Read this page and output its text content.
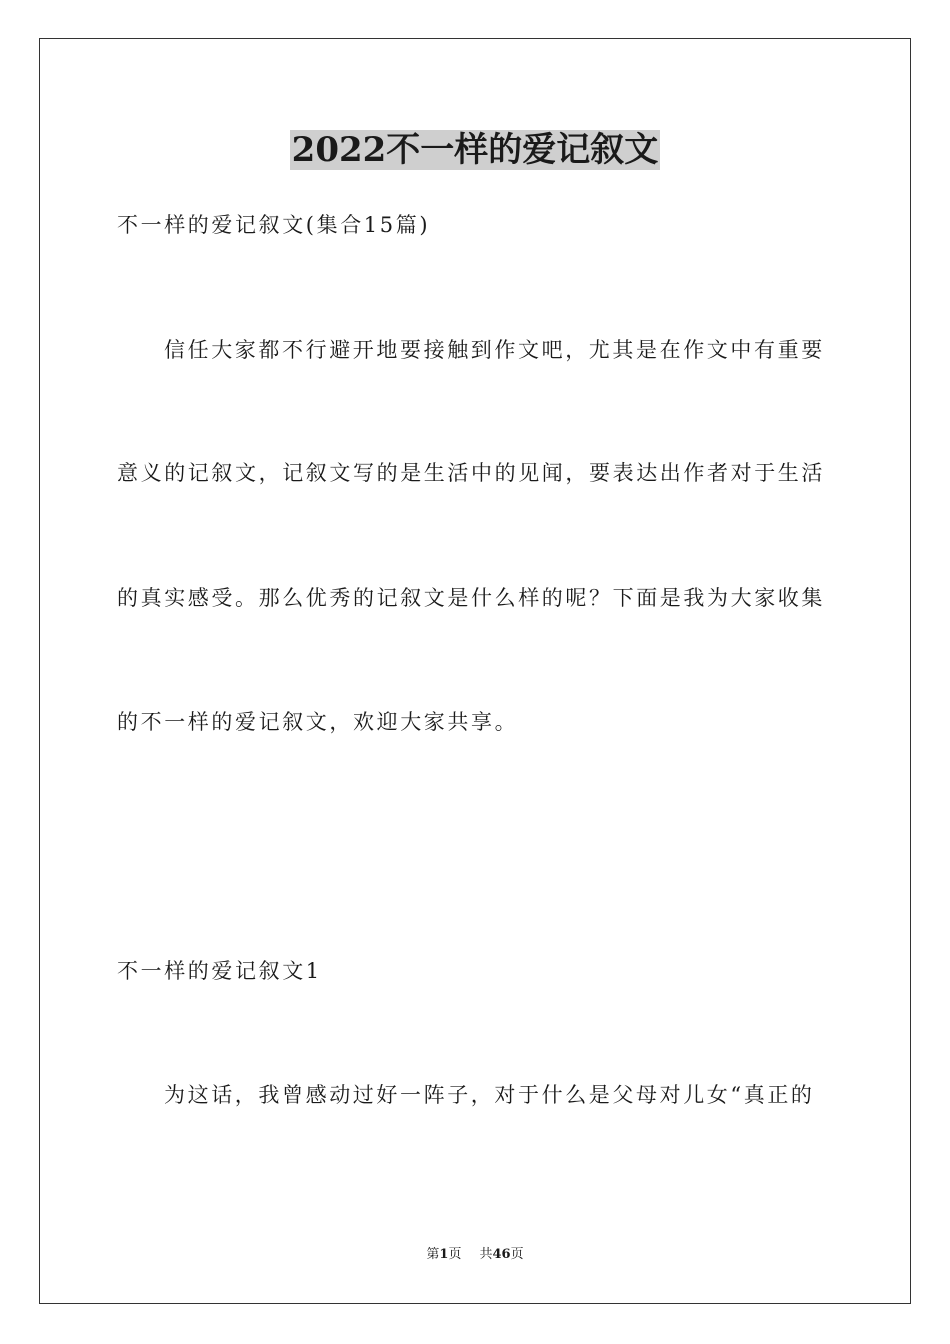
2022不一样的爱记叙文
不一样的爱记叙文(集合15篇)
信任大家都不行避开地要接触到作文吧，尤其是在作文中有重要
意义的记叙文，记叙文写的是生活中的见闻，要表达出作者对于生活
的真实感受。那么优秀的记叙文是什么样的呢？下面是我为大家收集
的不一样的爱记叙文，欢迎大家共享。
不一样的爱记叙文1
为这话，我曾感动过好一阵子，对于什么是父母对儿女“真正的
第1页 共46页
